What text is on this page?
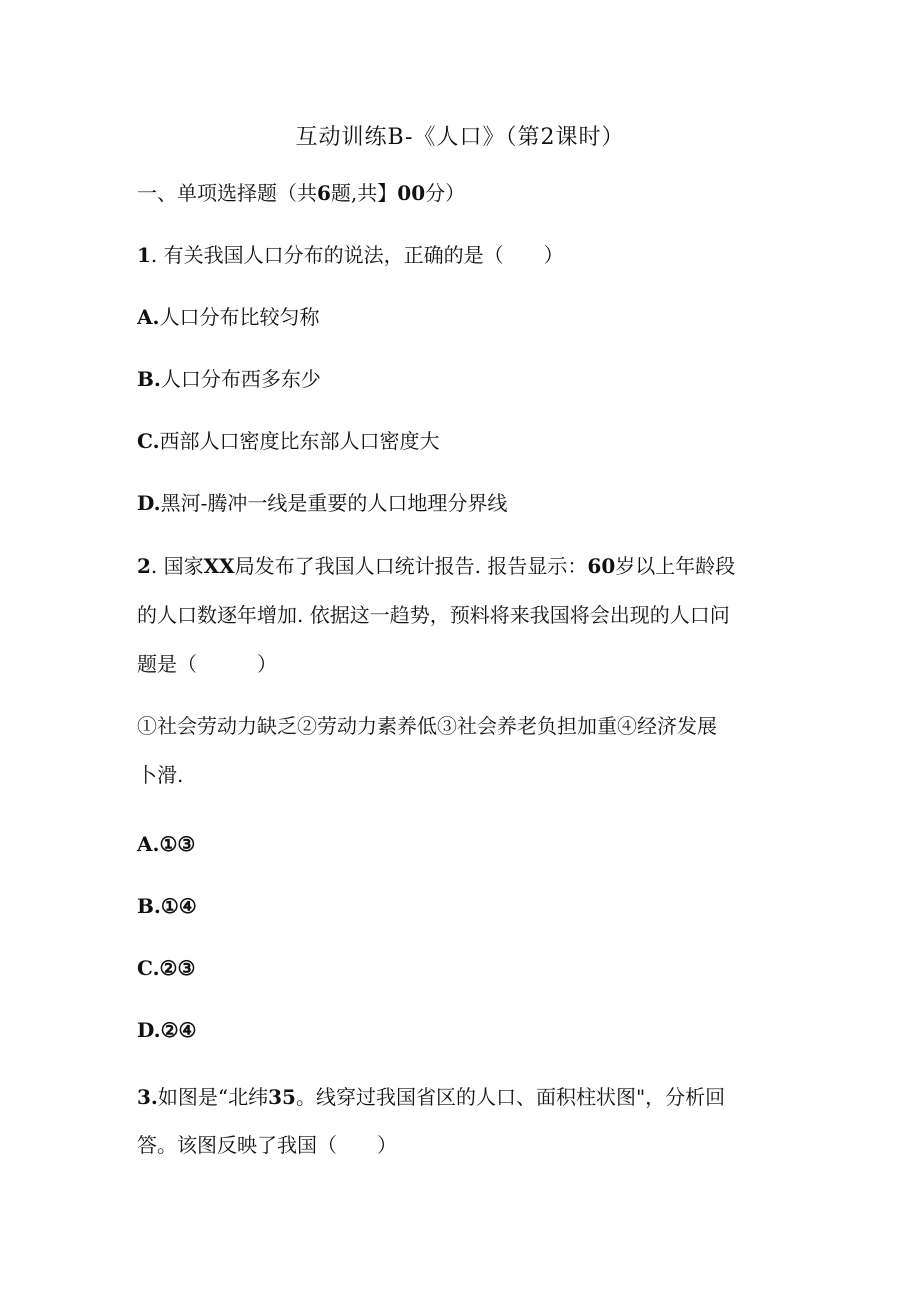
互动训练B-《人口》（第2课时）
一、单项选择题（共6题,共】00分）
1. 有关我国人口分布的说法，正确的是（　　）
A.人口分布比较匀称
B.人口分布西多东少
C.西部人口密度比东部人口密度大
D.黑河-腾冲一线是重要的人口地理分界线
2. 国家XX局发布了我国人口统计报告. 报告显示：60岁以上年龄段
的人口数逐年增加. 依据这一趋势，预料将来我国将会出现的人口问
题是（　　　）
①社会劳动力缺乏②劳动力素养低③社会养老负担加重④经济发展
卜滑.
A.①③
B.①④
C.②③
D.②④
3.如图是“北纬35。线穿过我国省区的人口、面积柱状图"，分析回
答。该图反映了我国（　　）
